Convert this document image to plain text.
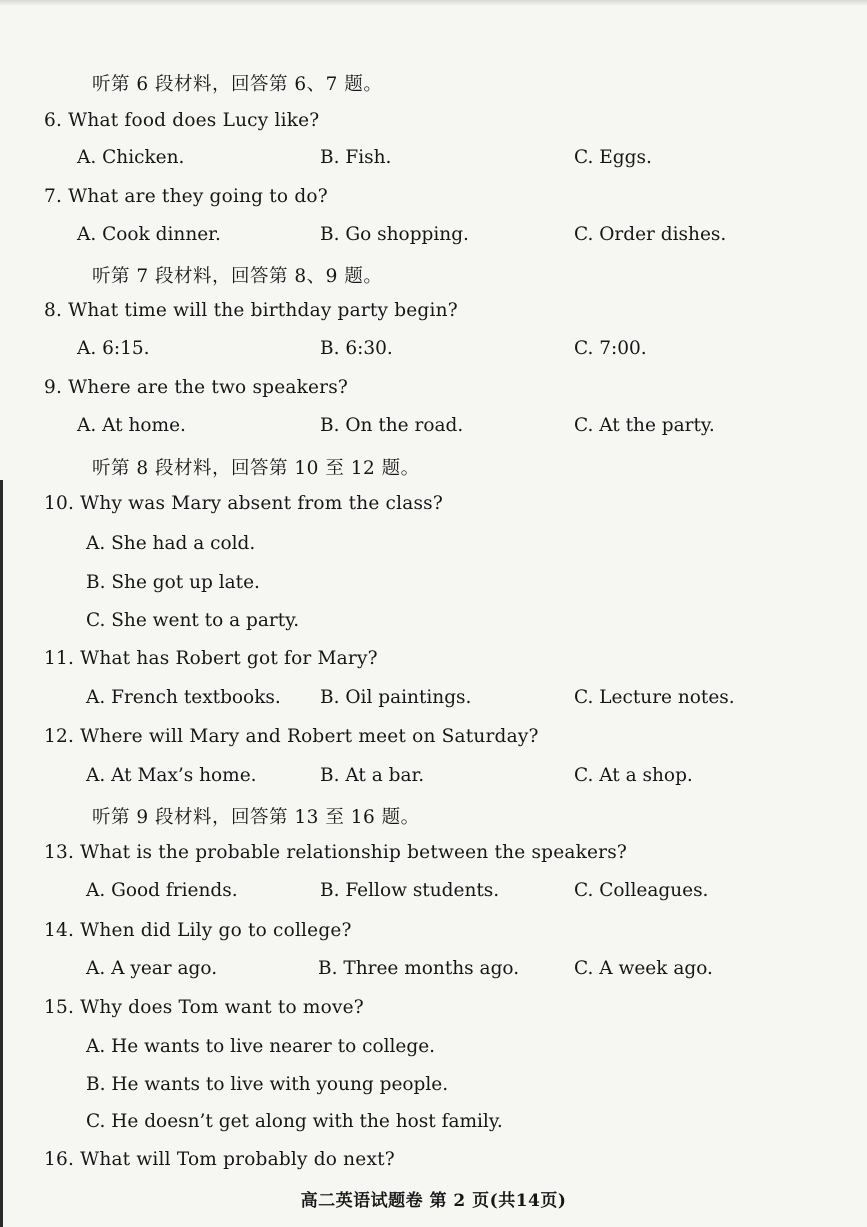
听第 6 段材料，回答第 6、7 题。
6. What food does Lucy like?
A. Chicken.	B. Fish.	C. Eggs.
7. What are they going to do?
A. Cook dinner.	B. Go shopping.	C. Order dishes.
听第 7 段材料，回答第 8、9 题。
8. What time will the birthday party begin?
A. 6:15.	B. 6:30.	C. 7:00.
9. Where are the two speakers?
A. At home.	B. On the road.	C. At the party.
听第 8 段材料，回答第 10 至 12 题。
10. Why was Mary absent from the class?
A. She had a cold.
B. She got up late.
C. She went to a party.
11. What has Robert got for Mary?
A. French textbooks. B. Oil paintings.	C. Lecture notes.
12. Where will Mary and Robert meet on Saturday?
A. At Max’s home.	B. At a bar.	C. At a shop.
听第 9 段材料，回答第 13 至 16 题。
13. What is the probable relationship between the speakers?
A. Good friends.	B. Fellow students.	C. Colleagues.
14. When did Lily go to college?
A. A year ago.	B. Three months ago.	C. A week ago.
15. Why does Tom want to move?
A. He wants to live nearer to college.
B. He wants to live with young people.
C. He doesn’t get along with the host family.
16. What will Tom probably do next?
高二英语试题卷 第 2 页(共14页)
